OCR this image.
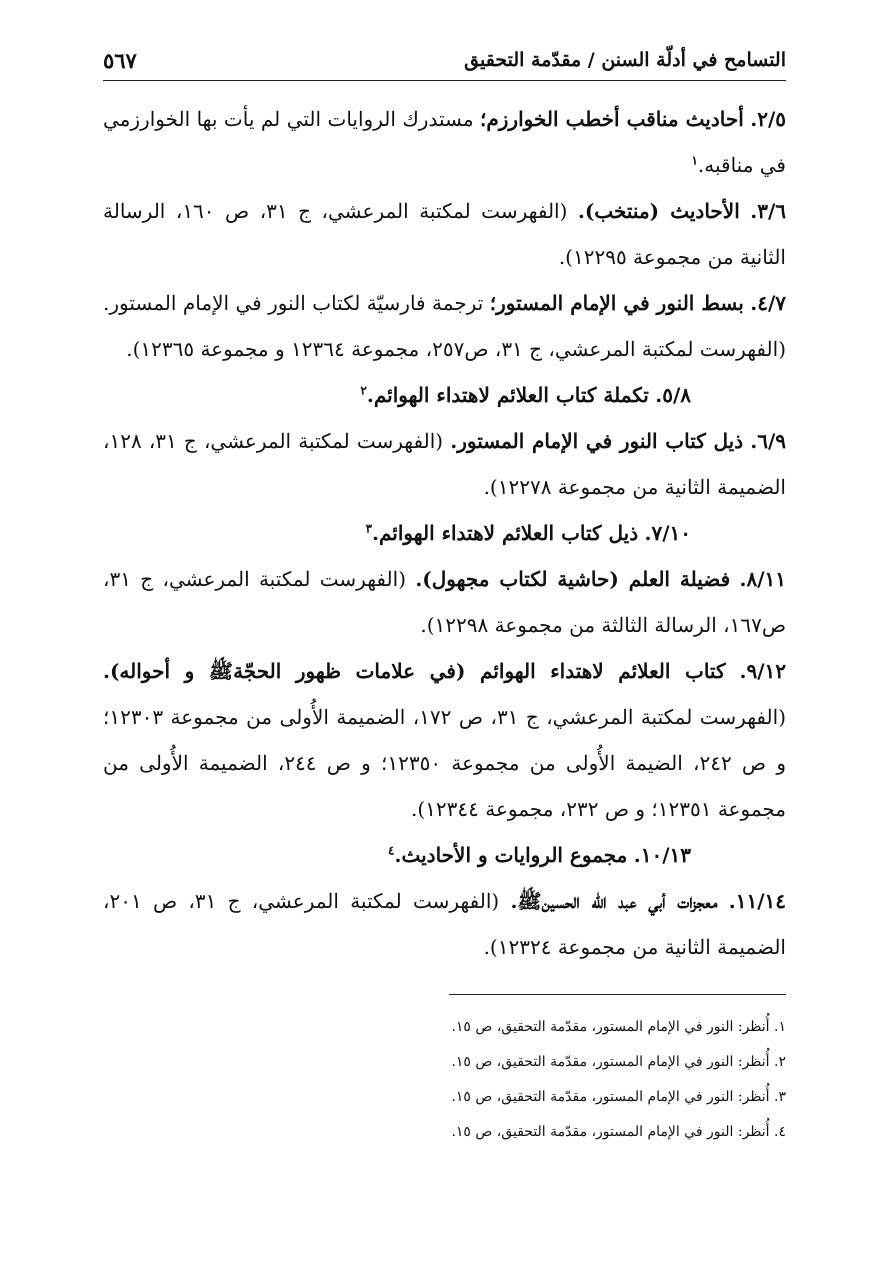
التسامح في أدلّة السنن / مقدّمة التحقيق
٥٦٧

٢/٥. أحاديث مناقب أخطب الخوارزم؛ مستدرك الروايات التي لم يأت بها الخوارزمي في مناقبه.$^١$

٣/٦. الأحاديث (منتخب). (الفهرست لمكتبة المرعشي، ج ٣١، ص ١٦٠، الرسالة الثانية من مجموعة ١٢٢٩٥).

٤/٧. بسط النور في الإمام المستور؛ ترجمة فارسيّة لكتاب النور في الإمام المستور. (الفهرست لمكتبة المرعشي، ج ٣١، ص٢٥٧، مجموعة ١٢٣٦٤ و مجموعة ١٢٣٦٥).

٥/٨. تكملة كتاب العلائم لاهتداء الهوائم.$^٢$

٦/٩. ذيل كتاب النور في الإمام المستور. (الفهرست لمكتبة المرعشي، ج ٣١، ١٢٨، الضميمة الثانية من مجموعة ١٢٢٧٨).

٧/١٠. ذيل كتاب العلائم لاهتداء الهوائم.$^٣$

٨/١١. فضيلة العلم (حاشية لكتاب مجهول). (الفهرست لمكتبة المرعشي، ج ٣١، ص١٦٧، الرسالة الثالثة من مجموعة ١٢٢٩٨).

٩/١٢. كتاب العلائم لاهتداء الهوائم (في علامات ظهور الحجّة‌ﷺ و أحواله). (الفهرست لمكتبة المرعشي، ج ٣١، ص ١٧٢، الضميمة الأُولى من مجموعة ١٢٣٠٣؛ و ص ٢٤٢، الضيمة الأُولى من مجموعة ١٢٣٥٠؛ و ص ٢٤٤، الضميمة الأُولى من مجموعة ١٢٣٥١؛ و ص ٢٣٢، مجموعة ١٢٣٤٤).

١٠/١٣. مجموع الروايات و الأحاديث.$^٤$

١١/١٤. معجزات أبي عبد الله الحسين‌ﷺ. (الفهرست لمكتبة المرعشي، ج ٣١، ص ٢٠١، الضميمة الثانية من مجموعة ١٢٣٢٤).

١. أُنظر: النور في الإمام المستور، مقدّمة التحقيق، ص ١٥.
٢. أُنظر: النور في الإمام المستور، مقدّمة التحقيق، ص ١٥.
٣. أُنظر: النور في الإمام المستور، مقدّمة التحقيق، ص ١٥.
٤. أُنظر: النور في الإمام المستور، مقدّمة التحقيق، ص ١٥.
